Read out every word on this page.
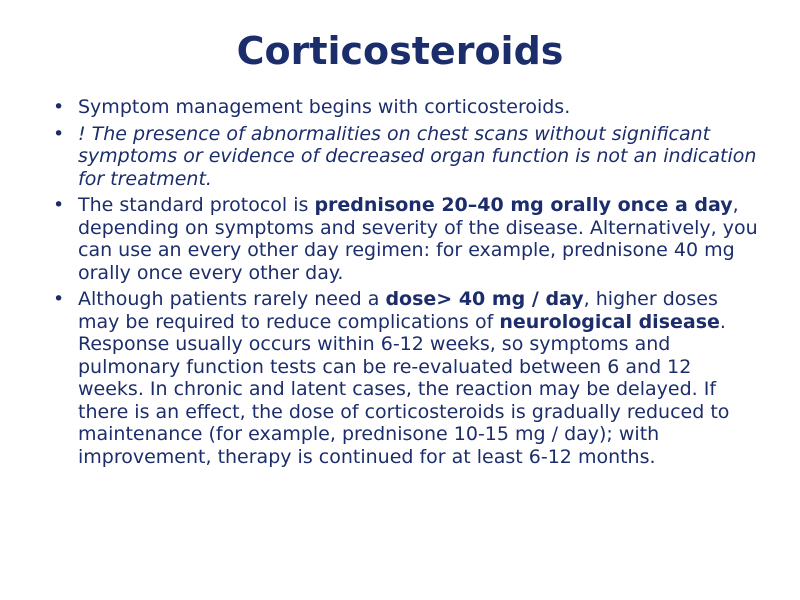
Corticosteroids
• Symptom management begins with corticosteroids.
• ! The presence of abnormalities on chest scans without significant symptoms or evidence of decreased organ function is not an indication for treatment.
• The standard protocol is prednisone 20–40 mg orally once a day, depending on symptoms and severity of the disease. Alternatively, you can use an every other day regimen: for example, prednisone 40 mg orally once every other day.
• Although patients rarely need a dose> 40 mg / day, higher doses may be required to reduce complications of neurological disease. Response usually occurs within 6-12 weeks, so symptoms and pulmonary function tests can be re-evaluated between 6 and 12 weeks. In chronic and latent cases, the reaction may be delayed. If there is an effect, the dose of corticosteroids is gradually reduced to maintenance (for example, prednisone 10-15 mg / day); with improvement, therapy is continued for at least 6-12 months.
